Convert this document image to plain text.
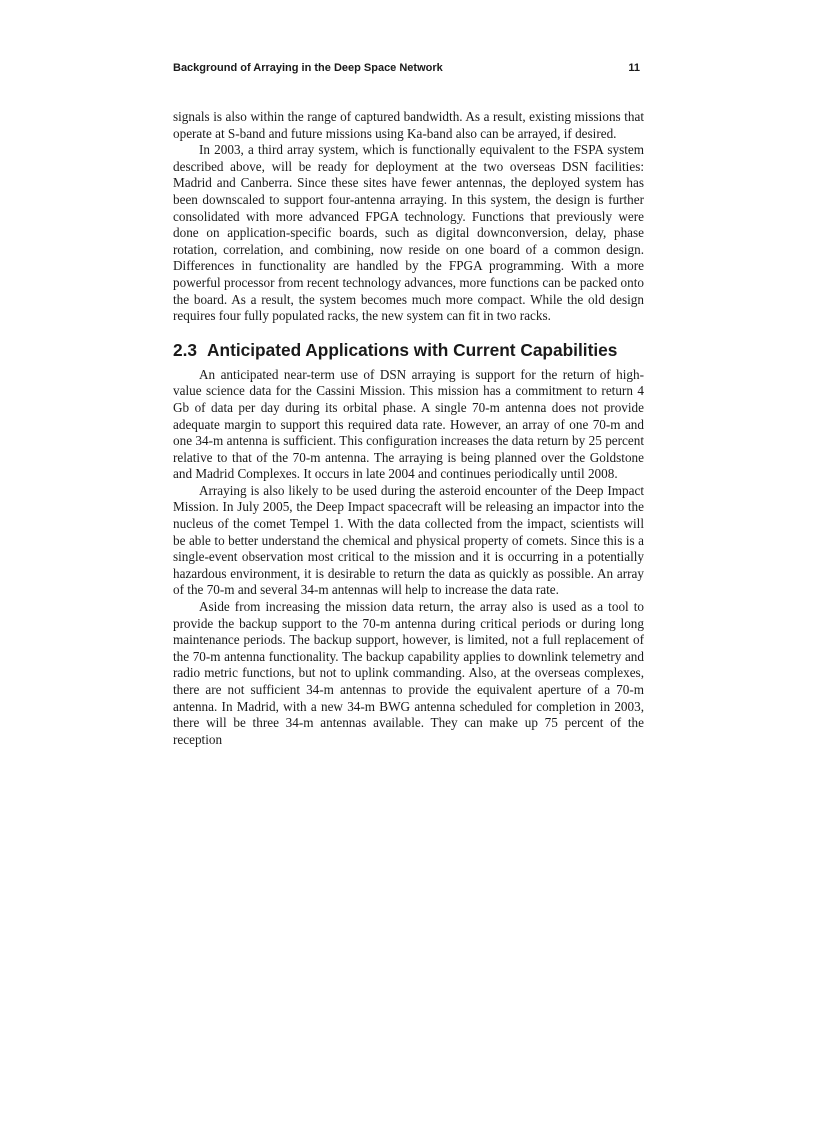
Background of Arraying in the Deep Space Network	11

signals is also within the range of captured bandwidth. As a result, existing missions that operate at S-band and future missions using Ka-band also can be arrayed, if desired.

In 2003, a third array system, which is functionally equivalent to the FSPA system described above, will be ready for deployment at the two overseas DSN facilities: Madrid and Canberra. Since these sites have fewer antennas, the deployed system has been downscaled to support four-antenna arraying. In this system, the design is further consolidated with more advanced FPGA technology. Functions that previously were done on application-specific boards, such as digital downconversion, delay, phase rotation, correlation, and combining, now reside on one board of a common design. Differences in functionality are handled by the FPGA programming. With a more powerful processor from recent technology advances, more functions can be packed onto the board. As a result, the system becomes much more compact. While the old design requires four fully populated racks, the new system can fit in two racks.

2.3 Anticipated Applications with Current Capabilities

An anticipated near-term use of DSN arraying is support for the return of high-value science data for the Cassini Mission. This mission has a commitment to return 4 Gb of data per day during its orbital phase. A single 70-m antenna does not provide adequate margin to support this required data rate. However, an array of one 70-m and one 34-m antenna is sufficient. This configuration increases the data return by 25 percent relative to that of the 70-m antenna. The arraying is being planned over the Goldstone and Madrid Complexes. It occurs in late 2004 and continues periodically until 2008.

Arraying is also likely to be used during the asteroid encounter of the Deep Impact Mission. In July 2005, the Deep Impact spacecraft will be releasing an impactor into the nucleus of the comet Tempel 1. With the data collected from the impact, scientists will be able to better understand the chemical and physical property of comets. Since this is a single-event observation most critical to the mission and it is occurring in a potentially hazardous environment, it is desirable to return the data as quickly as possible. An array of the 70-m and several 34-m antennas will help to increase the data rate.

Aside from increasing the mission data return, the array also is used as a tool to provide the backup support to the 70-m antenna during critical periods or during long maintenance periods. The backup support, however, is limited, not a full replacement of the 70-m antenna functionality. The backup capability applies to downlink telemetry and radio metric functions, but not to uplink commanding. Also, at the overseas complexes, there are not sufficient 34-m antennas to provide the equivalent aperture of a 70-m antenna. In Madrid, with a new 34-m BWG antenna scheduled for completion in 2003, there will be three 34-m antennas available. They can make up 75 percent of the reception
